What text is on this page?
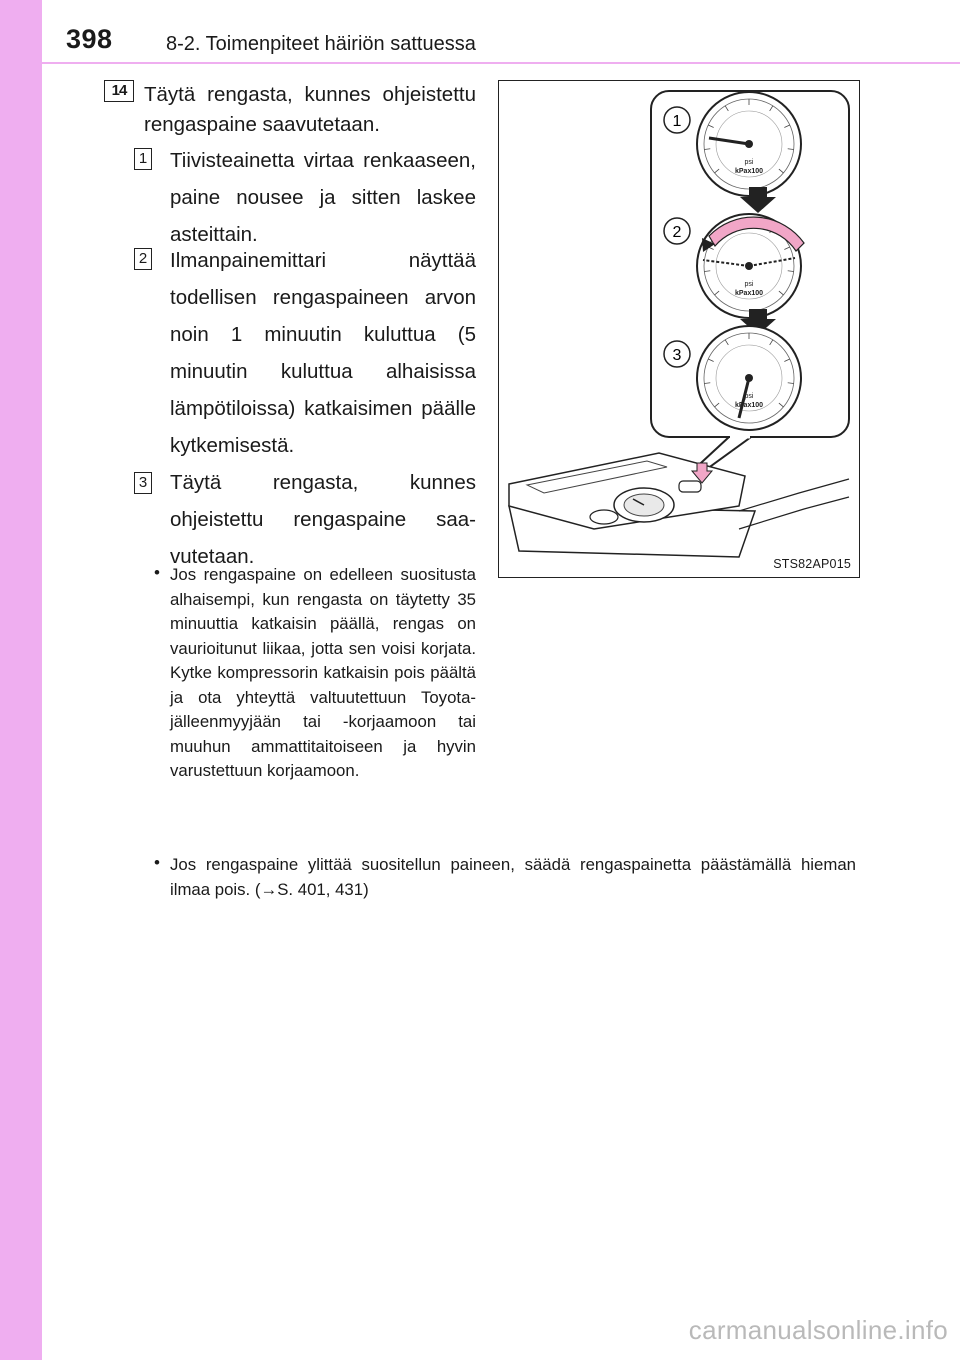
398	8-2. Toimenpiteet häiriön sattuessa
14 Täytä rengasta, kunnes ohjeistettu rengaspaine saavutetaan.
1 Tiivisteainetta virtaa renkaaseen, paine nousee ja sitten laskee asteittain.
2 Ilmanpainemittari näyttää todellisen rengaspaineen arvon noin 1 minuutin kuluttua (5 minuutin kuluttua alhaisissa lämpötiloissa) katkaisimen päälle kytkemisestä.
3 Täytä rengasta, kunnes ohjeistettu rengaspaine saavutetaan.
• Jos rengaspaine on edelleen suositusta alhaisempi, kun rengasta on täytetty 35 minuuttia katkaisin päällä, rengas on vaurioitunut liikaa, jotta sen voisi korjata. Kytke kompressorin katkaisin pois päältä ja ota yhteyttä valtuutettuun Toyota-jälleenmyyjään tai -korjaamoon tai muuhun ammattitaitoiseen ja hyvin varustettuun korjaamoon.
• Jos rengaspaine ylittää suositellun paineen, säädä rengaspainetta päästämällä hieman ilmaa pois. (→S. 401, 431)
psi
kPax100
1
2
3
STS82AP015
carmanualsonline.info
